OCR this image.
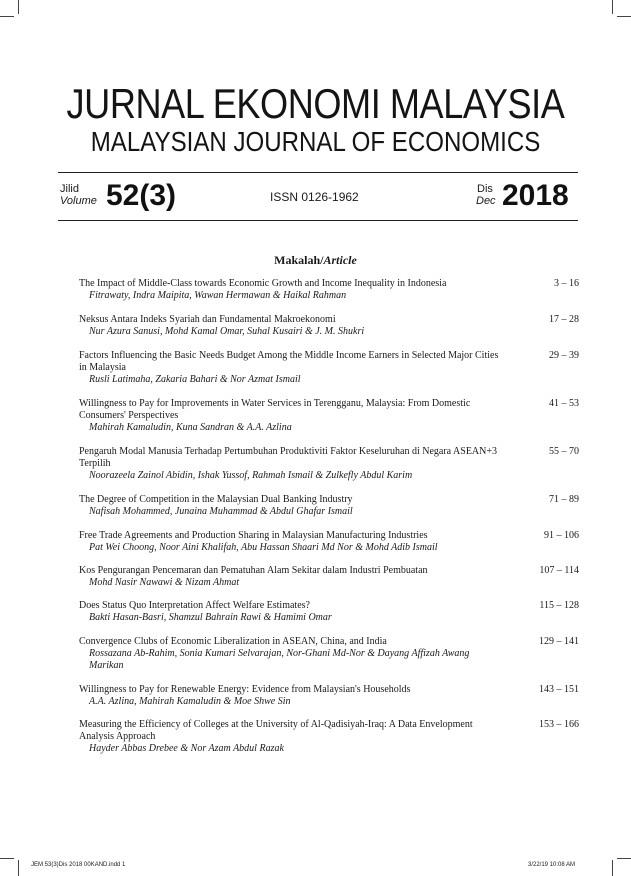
JURNAL EKONOMI MALAYSIA
MALAYSIAN JOURNAL OF ECONOMICS
Jilid
Volume 52(3)	ISSN 0126-1962
Dis
Dec 2018
Makalah/Article
The Impact of Middle-Class towards Economic Growth and Income Inequality in Indonesia
Fitrawaty, Indra Maipita, Wawan Hermawan & Haikal Rahman
3 – 16
Neksus Antara Indeks Syariah dan Fundamental Makroekonomi
Nur Azura Sanusi, Mohd Kamal Omar, Suhal Kusairi & J. M. Shukri
17 – 28
Factors Influencing the Basic Needs Budget Among the Middle Income Earners in Selected Major Cities in Malaysia
Rusli Latimaha, Zakaria Bahari & Nor Azmat Ismail
29 – 39
Willingness to Pay for Improvements in Water Services in Terengganu, Malaysia: From Domestic Consumers' Perspectives
Mahirah Kamaludin, Kuna Sandran & A.A. Azlina
41 – 53
Pengaruh Modal Manusia Terhadap Pertumbuhan Produktiviti Faktor Keseluruhan di Negara ASEAN+3 Terpilih
Noorazeela Zainol Abidin, Ishak Yussof, Rahmah Ismail & Zulkefly Abdul Karim
55 – 70
The Degree of Competition in the Malaysian Dual Banking Industry
Nafisah Mohammed, Junaina Muhammad & Abdul Ghafar Ismail
71 – 89
Free Trade Agreements and Production Sharing in Malaysian Manufacturing Industries
Pat Wei Choong, Noor Aini Khalifah, Abu Hassan Shaari Md Nor & Mohd Adib Ismail
91 – 106
Kos Pengurangan Pencemaran dan Pematuhan Alam Sekitar dalam Industri Pembuatan
Mohd Nasir Nawawi & Nizam Ahmat
107 – 114
Does Status Quo Interpretation Affect Welfare Estimates?
Bakti Hasan-Basri, Shamzul Bahrain Rawi & Hamimi Omar
115 – 128
Convergence Clubs of Economic Liberalization in ASEAN, China, and India
Rossazana Ab-Rahim, Sonia Kumari Selvarajan, Nor-Ghani Md-Nor & Dayang Affizah Awang Marikan
129 – 141
Willingness to Pay for Renewable Energy: Evidence from Malaysian's Households
A.A. Azlina, Mahirah Kamaludin & Moe Shwe Sin
143 – 151
Measuring the Efficiency of Colleges at the University of Al-Qadisiyah-Iraq: A Data Envelopment Analysis Approach
Hayder Abbas Drebee & Nor Azam Abdul Razak
153 – 166
JEM 53(3)Dis 2018 00KAND.indd 1	3/22/19 10:08 AM
